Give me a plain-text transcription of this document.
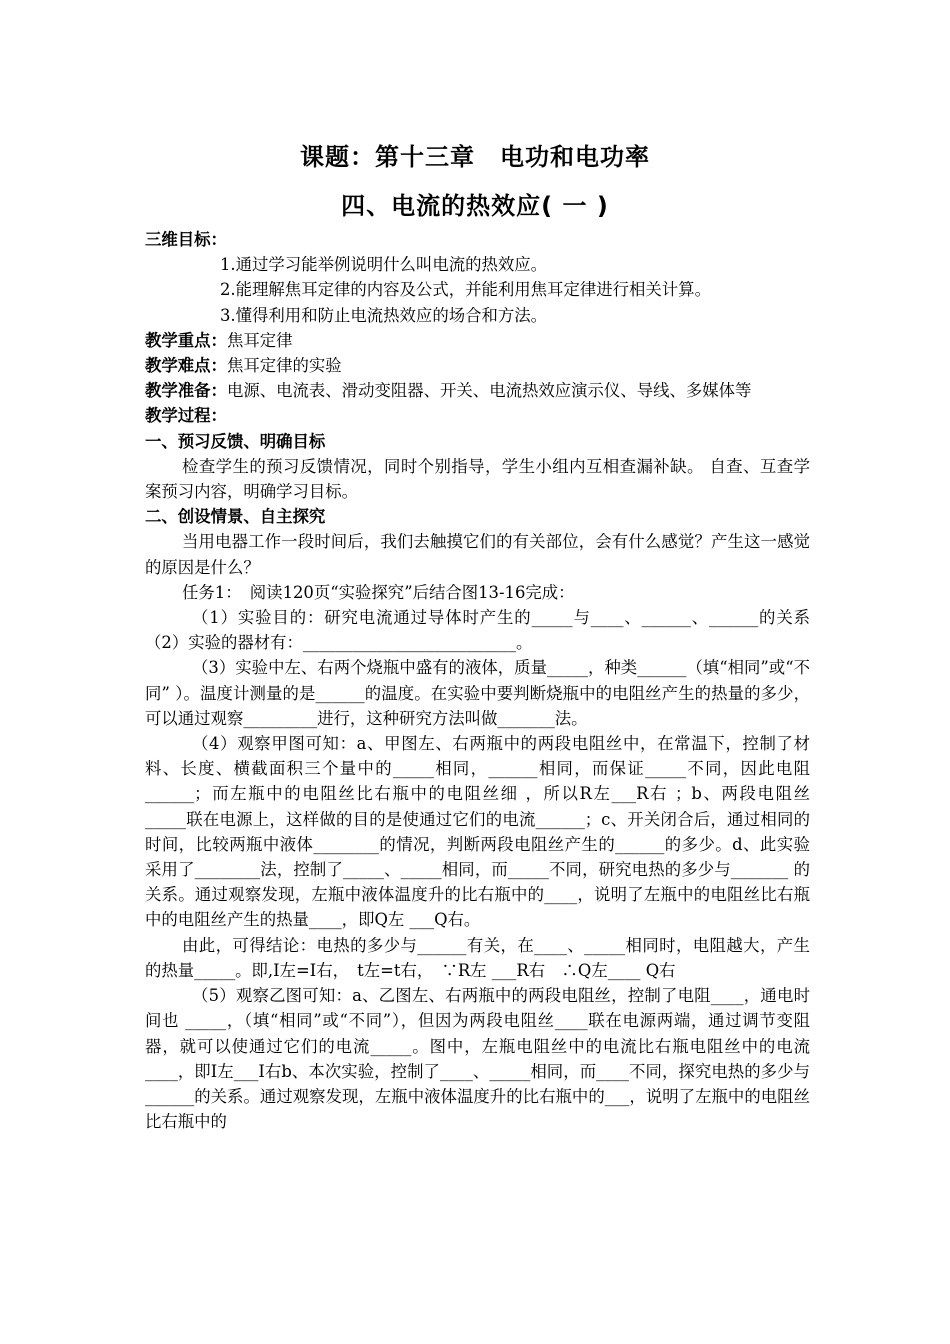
课题：第十三章　电功和电功率
四、电流的热效应( 一 )

三维目标：

1.通过学习能举例说明什么叫电流的热效应。

2.能理解焦耳定律的内容及公式，并能利用焦耳定律进行相关计算。

3.懂得利用和防止电流热效应的场合和方法。

教学重点：焦耳定律

教学难点：焦耳定律的实验

教学准备：电源、电流表、滑动变阻器、开关、电流热效应演示仪、导线、多媒体等

教学过程：

一、预习反馈、明确目标

检查学生的预习反馈情况，同时个别指导，学生小组内互相查漏补缺。 自查、互查学案预习内容，明确学习目标。

二、创设情景、自主探究

当用电器工作一段时间后，我们去触摸它们的有关部位，会有什么感觉？产生这一感觉的原因是什么？

任务1：　阅读120页“实验探究”后结合图13-16完成：

（1）实验目的：研究电流通过导体时产生的_____与____、______、______的关系（2）实验的器材有：__________________________。

（3）实验中左、右两个烧瓶中盛有的液体，质量_____，种类______（填“相同”或“不同” ）。温度计测量的是______的温度。在实验中要判断烧瓶中的电阻丝产生的热量的多少，可以通过观察_________进行，这种研究方法叫做_______法。

（4）观察甲图可知：a、甲图左、右两瓶中的两段电阻丝中，在常温下，控制了材料、长度、横截面积三个量中的_____相同，______相同，而保证_____不同，因此电阻______；而左瓶中的电阻丝比右瓶中的电阻丝细 ，所以R左___R右 ；b、两段电阻丝　　_____联在电源上，这样做的目的是使通过它们的电流______；c、开关闭合后，通过相同的时间，比较两瓶中液体________的情况，判断两段电阻丝产生的______的多少。d、此实验采用了________法，控制了_____、_____相同，而_____不同，研究电热的多少与_______ 的关系。通过观察发现，左瓶中液体温度升的比右瓶中的____，说明了左瓶中的电阻丝比右瓶中的电阻丝产生的热量____，即Q左 ___Q右。

由此，可得结论：电热的多少与______有关，在____、_____相同时，电阻越大，产生的热量_____。即,I左=I右，　t左=t右，　∵R左 ___R右　∴Q左____ Q右

（5）观察乙图可知：a、乙图左、右两瓶中的两段电阻丝，控制了电阻____，通电时间也 _____，（填“相同”或“不同”），但因为两段电阻丝____联在电源两端，通过调节变阻器，就可以使通过它们的电流_____。图中，左瓶电阻丝中的电流比右瓶电阻丝中的电流____，即I左___I右b、本次实验，控制了____、_____相同，而____不同，探究电热的多少与______的关系。通过观察发现，左瓶中液体温度升的比右瓶中的___，说明了左瓶中的电阻丝比右瓶中的
